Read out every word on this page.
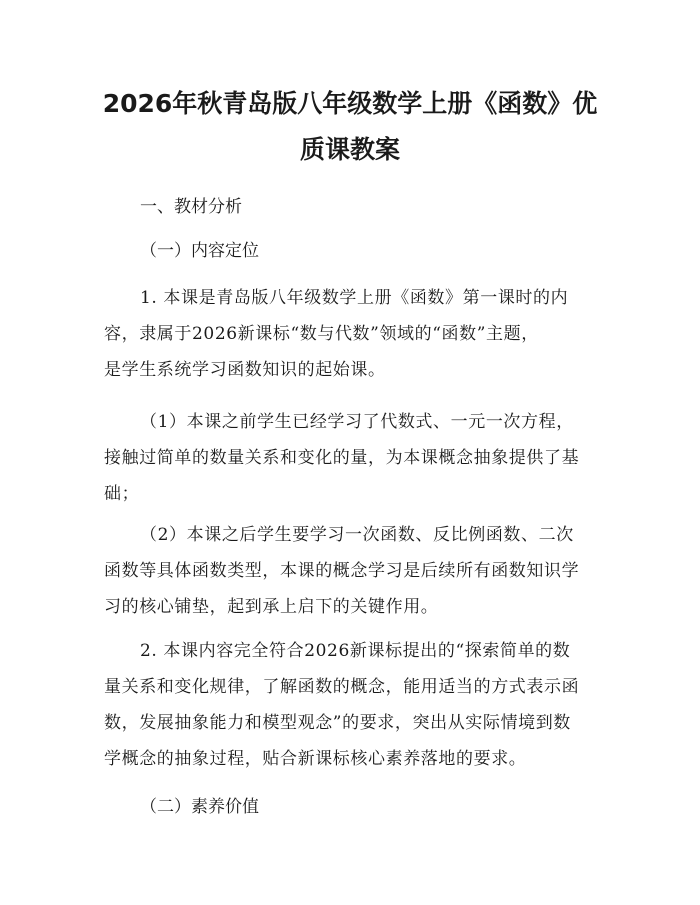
2026年秋青岛版八年级数学上册《函数》优
质课教案
一、教材分析
（一）内容定位
1. 本课是青岛版八年级数学上册《函数》第一课时的内
容，隶属于2026新课标“数与代数”领域的“函数”主题，
是学生系统学习函数知识的起始课。
（1）本课之前学生已经学习了代数式、一元一次方程，
接触过简单的数量关系和变化的量，为本课概念抽象提供了基
础；
（2）本课之后学生要学习一次函数、反比例函数、二次
函数等具体函数类型，本课的概念学习是后续所有函数知识学
习的核心铺垫，起到承上启下的关键作用。
2. 本课内容完全符合2026新课标提出的“探索简单的数
量关系和变化规律，了解函数的概念，能用适当的方式表示函
数，发展抽象能力和模型观念”的要求，突出从实际情境到数
学概念的抽象过程，贴合新课标核心素养落地的要求。
（二）素养价值
